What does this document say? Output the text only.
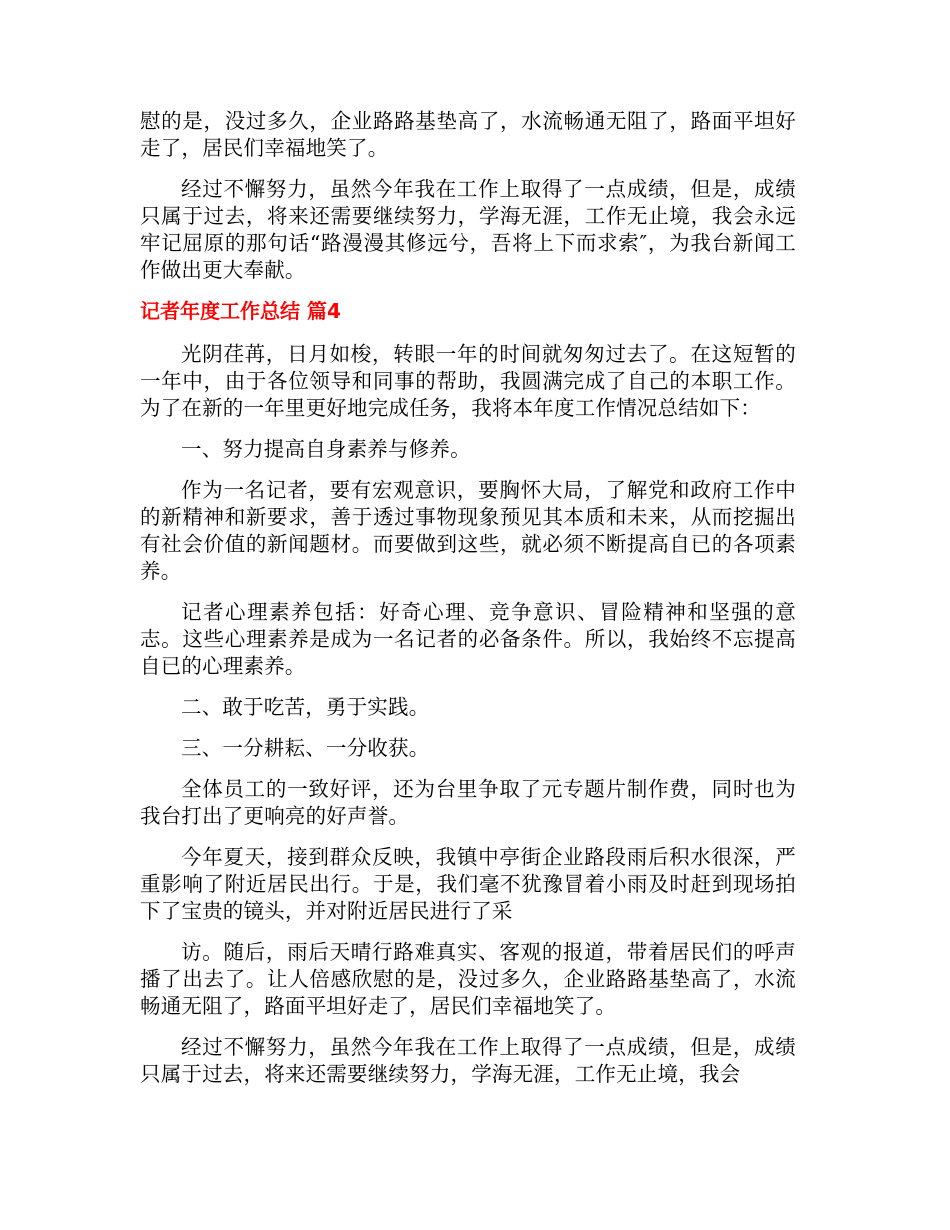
慰的是，没过多久，企业路路基垫高了，水流畅通无阻了，路面平坦好走了，居民们幸福地笑了。

经过不懈努力，虽然今年我在工作上取得了一点成绩，但是，成绩只属于过去，将来还需要继续努力，学海无涯，工作无止境，我会永远牢记屈原的那句话“路漫漫其修远兮，吾将上下而求索″，为我台新闻工作做出更大奉献。

记者年度工作总结 篇4

光阴荏苒，日月如梭，转眼一年的时间就匆匆过去了。在这短暂的一年中，由于各位领导和同事的帮助，我圆满完成了自己的本职工作。为了在新的一年里更好地完成任务，我将本年度工作情况总结如下：

一、努力提高自身素养与修养。

作为一名记者，要有宏观意识，要胸怀大局，了解党和政府工作中的新精神和新要求，善于透过事物现象预见其本质和未来，从而挖掘出有社会价值的新闻题材。而要做到这些，就必须不断提高自已的各项素养。

记者心理素养包括：好奇心理、竞争意识、冒险精神和坚强的意志。这些心理素养是成为一名记者的必备条件。所以，我始终不忘提高自已的心理素养。

二、敢于吃苦，勇于实践。

三、一分耕耘、一分收获。

全体员工的一致好评，还为台里争取了元专题片制作费，同时也为我台打出了更响亮的好声誉。

今年夏天，接到群众反映，我镇中亭街企业路段雨后积水很深，严重影响了附近居民出行。于是，我们毫不犹豫冒着小雨及时赶到现场拍下了宝贵的镜头，并对附近居民进行了采

访。随后，雨后天晴行路难真实、客观的报道，带着居民们的呼声播了出去了。让人倍感欣慰的是，没过多久，企业路路基垫高了，水流畅通无阻了，路面平坦好走了，居民们幸福地笑了。

经过不懈努力，虽然今年我在工作上取得了一点成绩，但是，成绩只属于过去，将来还需要继续努力，学海无涯，工作无止境，我会
